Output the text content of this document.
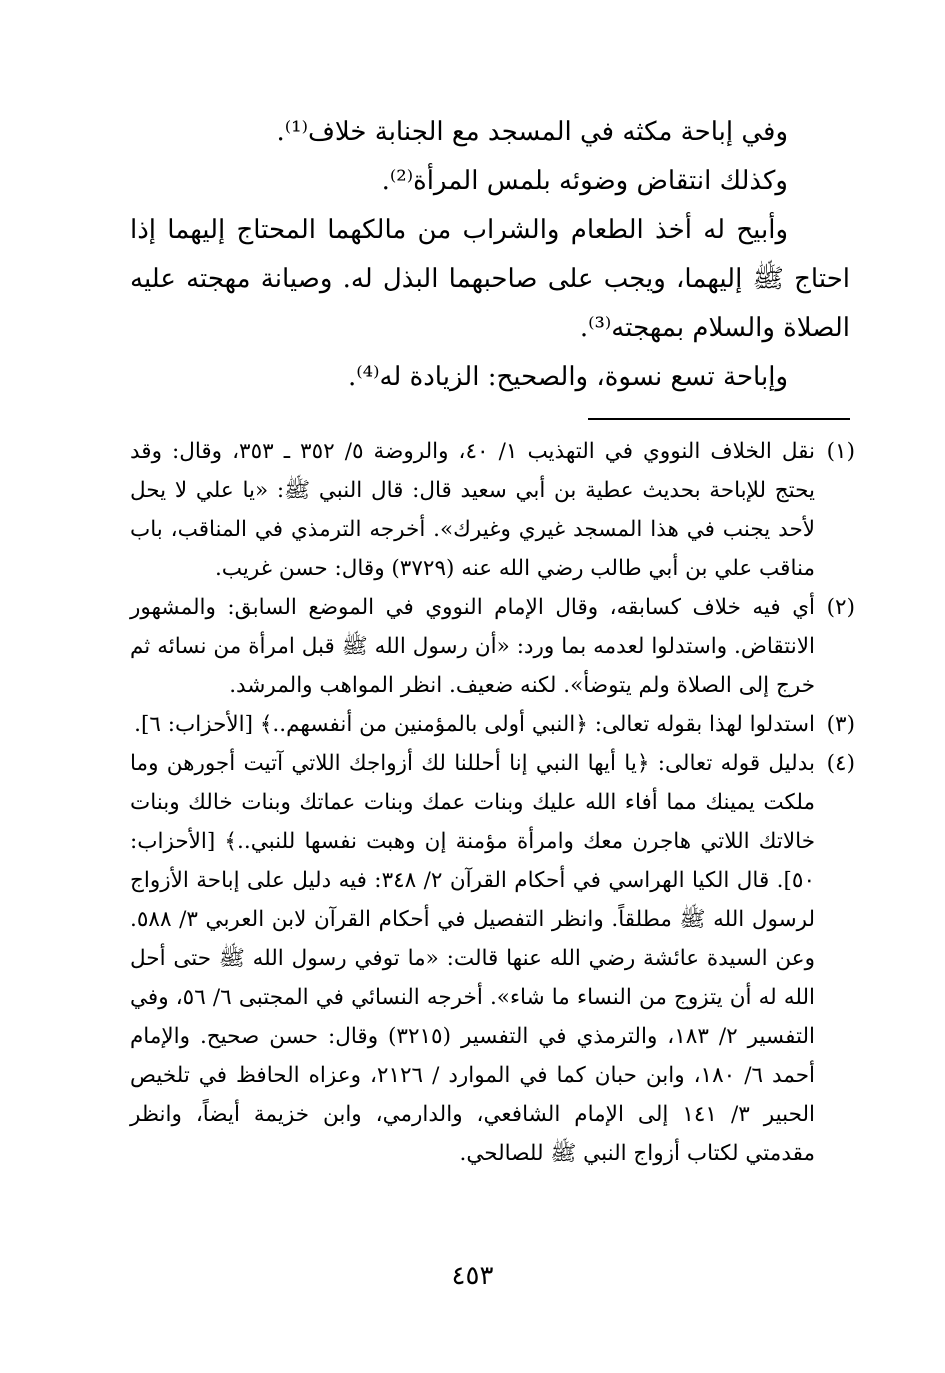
وفي إباحة مكثه في المسجد مع الجنابة خلاف⁽¹⁾.

وكذلك انتقاض وضوئه بلمس المرأة⁽²⁾.

وأبيح له أخذ الطعام والشراب من مالكهما المحتاج إليهما إذا احتاج ﷺ إليهما، ويجب على صاحبهما البذل له. وصيانة مهجته عليه الصلاة والسلام بمهجته⁽³⁾.

وإباحة تسع نسوة، والصحيح: الزيادة له⁽⁴⁾.

(١)
نقل الخلاف النووي في التهذيب ١/ ٤٠، والروضة ٥/ ٣٥٢ ـ ٣٥٣، وقال: وقد يحتج للإباحة بحديث عطية بن أبي سعيد قال: قال النبي ﷺ: «يا علي لا يحل لأحد يجنب في هذا المسجد غيري وغيرك». أخرجه الترمذي في المناقب، باب مناقب علي بن أبي طالب رضي الله عنه (٣٧٢٩) وقال: حسن غريب.
(٢)
أي فيه خلاف كسابقه، وقال الإمام النووي في الموضع السابق: والمشهور الانتقاض. واستدلوا لعدمه بما ورد: «أن رسول الله ﷺ قبل امرأة من نسائه ثم خرج إلى الصلاة ولم يتوضأ». لكنه ضعيف. انظر المواهب والمرشد.
(٣)
استدلوا لهذا بقوله تعالى: ﴿النبي أولى بالمؤمنين من أنفسهم..﴾ [الأحزاب: ٦].
(٤)
بدليل قوله تعالى: ﴿يا أيها النبي إنا أحللنا لك أزواجك اللاتي آتيت أجورهن وما ملكت يمينك مما أفاء الله عليك وبنات عمك وبنات عماتك وبنات خالك وبنات خالاتك اللاتي هاجرن معك وامرأة مؤمنة إن وهبت نفسها للنبي..﴾ [الأحزاب: ٥٠]. قال الكيا الهراسي في أحكام القرآن ٢/ ٣٤٨: فيه دليل على إباحة الأزواج لرسول الله ﷺ مطلقاً. وانظر التفصيل في أحكام القرآن لابن العربي ٣/ ٥٨٨. وعن السيدة عائشة رضي الله عنها قالت: «ما توفي رسول الله ﷺ حتى أحل الله له أن يتزوج من النساء ما شاء». أخرجه النسائي في المجتبى ٦/ ٥٦، وفي التفسير ٢/ ١٨٣، والترمذي في التفسير (٣٢١٥) وقال: حسن صحيح. والإمام أحمد ٦/ ١٨٠، وابن حبان كما في الموارد / ٢١٢٦، وعزاه الحافظ في تلخيص الحبير ٣/ ١٤١ إلى الإمام الشافعي، والدارمي، وابن خزيمة أيضاً، وانظر مقدمتي لكتاب أزواج النبي ﷺ للصالحي.
٤٥٣
